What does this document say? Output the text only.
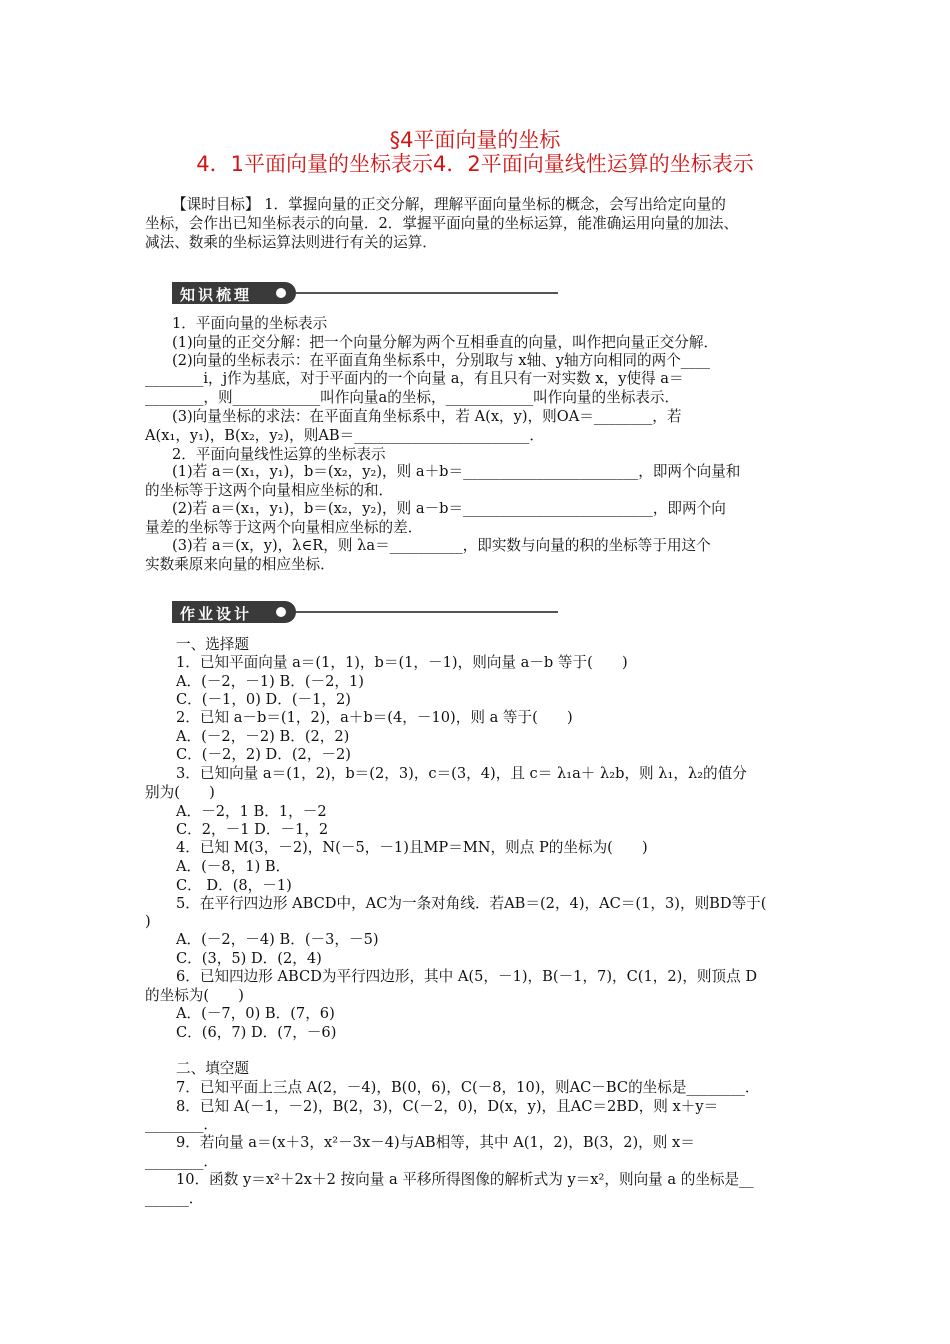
§4平面向量的坐标
4．1平面向量的坐标表示4．2平面向量线性运算的坐标表示
【课时目标】 1．掌握向量的正交分解，理解平面向量坐标的概念，会写出给定向量的
坐标，会作出已知坐标表示的向量．2．掌握平面向量的坐标运算，能准确运用向量的加法、
减法、数乘的坐标运算法则进行有关的运算．
知识梳理
1．平面向量的坐标表示
(1)向量的正交分解：把一个向量分解为两个互相垂直的向量，叫作把向量正交分解．
(2)向量的坐标表示：在平面直角坐标系中，分别取与 x轴、y轴方向相同的两个____
________i，j作为基底，对于平面内的一个向量 a，有且只有一对实数 x，y使得 a＝
________，则____________叫作向量a的坐标，____________叫作向量的坐标表示．
(3)向量坐标的求法：在平面直角坐标系中，若 A(x，y)，则OA＝________，若
A(x₁，y₁)，B(x₂，y₂)，则AB＝________________________．
2．平面向量线性运算的坐标表示
(1)若 a＝(x₁，y₁)，b＝(x₂，y₂)，则 a＋b＝________________________，即两个向量和
的坐标等于这两个向量相应坐标的和．
(2)若 a＝(x₁，y₁)，b＝(x₂，y₂)，则 a－b＝__________________________，即两个向
量差的坐标等于这两个向量相应坐标的差．
(3)若 a＝(x，y)，λ∈R，则 λa＝__________，即实数与向量的积的坐标等于用这个
实数乘原来向量的相应坐标．
作业设计
一、选择题
1．已知平面向量 a＝(1，1)，b＝(1，－1)，则向量 a－b 等于(　　)
A．(－2，－1) B．(－2，1)
C．(－1，0) D．(－1，2)
2．已知 a－b＝(1，2)，a＋b＝(4，－10)，则 a 等于(　　)
A．(－2，－2) B．(2，2)
C．(－2，2) D．(2，－2)
3．已知向量 a＝(1，2)，b＝(2，3)，c＝(3，4)，且 c＝ λ₁a＋ λ₂b，则 λ₁，λ₂的值分
别为(　　)
A．－2，1 B．1，－2
C．2，－1 D．－1，2
4．已知 M(3，－2)，N(－5，－1)且MP＝MN，则点 P的坐标为(　　)
A．(－8，1) B．
C． D．(8，－1)
5．在平行四边形 ABCD中，AC为一条对角线．若AB＝(2，4)，AC＝(1，3)，则BD等于(
)
A．(－2，－4) B．(－3，－5)
C．(3，5) D．(2，4)
6．已知四边形 ABCD为平行四边形，其中 A(5，－1)，B(－1，7)，C(1，2)，则顶点 D
的坐标为(　　)
A．(－7，0) B．(7，6)
C．(6，7) D．(7，－6)
二、填空题
7．已知平面上三点 A(2，－4)，B(0，6)，C(－8，10)，则AC－BC的坐标是________．
8．已知 A(－1，－2)，B(2，3)，C(－2，0)，D(x，y)，且AC＝2BD，则 x＋y＝
________．
9．若向量 a＝(x＋3，x²－3x－4)与AB相等，其中 A(1，2)，B(3，2)，则 x＝
________．
10．函数 y＝x²＋2x＋2 按向量 a 平移所得图像的解析式为 y＝x²，则向量 a 的坐标是__
______．
